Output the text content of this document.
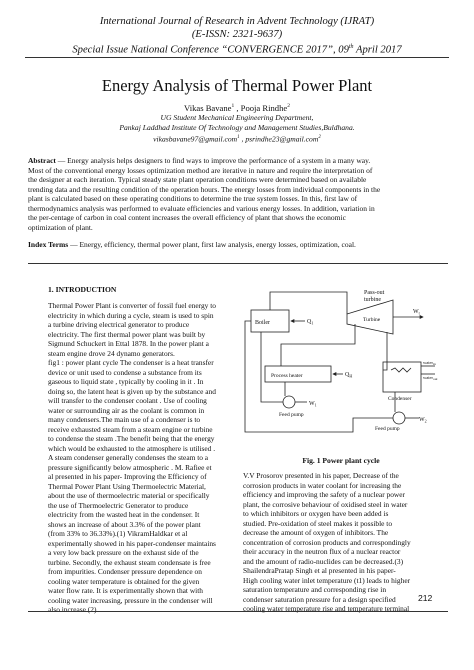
International Journal of Research in Advent Technology (IJRAT)
(E-ISSN: 2321-9637)
Special Issue National Conference “CONVERGENCE 2017”, 09th April 2017
Energy Analysis of Thermal Power Plant
Vikas Bavane$^1$ , Pooja Rindhe$^2$
UG Student Mechanical Engineering Department,
Pankaj Laddhad Institute Of Technology and Management Studies,Buldhana.
vikasbavane97@gmail.com$^1$ , psrindhe23@gmail.com$^2$
Abstract — Energy analysis helps designers to find ways to improve the performance of a system in a many way.
Most of the conventional energy losses optimization method are iterative in nature and require the interpretation of
the designer at each iteration. Typical steady state plant operation conditions were determined based on available
trending data and the resulting condition of the operation hours. The energy losses from individual components in the
plant is calculated based on these operating conditions to determine the true system losses. In this, first law of
thermodynamics analysis was performed to evaluate efficiencies and various energy losses. In addition, variation in
the per-centage of carbon in coal content increases the overall efficiency of plant that shows the economic
optimization of plant.
Index Terms — Energy, efficiency, thermal power plant, first law analysis, energy losses, optimization, coal.
1. INTRODUCTION
Thermal Power Plant is converter of fossil fuel energy to
electricity in which during a cycle, steam is used to spin
a turbine driving electrical generator to produce
electricity. The first thermal power plant was built by
Sigmund Schuckert in Ettal 1878. In the power plant a
steam engine drove 24 dynamo generators.
fig1 : power plant cycle The condenser is a heat transfer
device or unit used to condense a substance from its
gaseous to liquid state , typically by cooling in it . In
doing so, the latent heat is given up by the substance and
will transfer to the condenser coolant . Use of cooling
water or surrounding air as the coolant is common in
many condensers.The main use of a condenser is to
receive exhausted steam from a steam engine or turbine
to condense the steam .The benefit being that the energy
which would be exhausted to the atmosphere is utilised .
A steam condenser generally condenses the steam to a
pressure significantly below atmospheric . M. Rafiee et
al presented in his paper- Improving the Efficiency of
Thermal Power Plant Using Thermoelectric Material,
about the use of thermoelectric material or specifically
the use of Thermoelectric Generator to produce
electricity from the wasted heat in the condenser. It
shows an increase of about 3.3% of the power plant
(from 33% to 36.33%).(1) VikramHaldkar et al
experimentally showed in his paper-condenser maintains
a very low back pressure on the exhaust side of the
turbine. Secondly, the exhaust steam condensate is free
from impurities. Condenser pressure dependence on
cooling water temperature is obtained for the given
water flow rate. It is experimentally shown that with
cooling water increasing, pressure in the condenser will
also increase.(2)
Boiler	$Q_1$
Pass-out
turbine
Turbine
$W_t$
Process heater	$Q_H$
water$_{in}$
water$_{out}$
Condenser
Feed pump
$W_1$
Feed pump
$W_2$
Fig. 1 Power plant cycle
V.V Prosorov presented in his paper, Decrease of the
corrosion products in water coolant for increasing the
efficiency and improving the safety of a nuclear power
plant, the corrosive behaviour of oxidised steel in water
to which inhibitors or oxygen have been added is
studied. Pre-oxidation of steel makes it possible to
decrease the amount of oxygen of inhibitors. The
concentration of corrosion products and correspondingly
their accuracy in the neutron flux of a nuclear reactor
and the amount of radio-nuclides can be decreased.(3)
ShailendraPratap Singh et al presented in his paper-
High cooling water inlet temperature (t1) leads to higher
saturation temperature and corresponding rise in
condenser saturation pressure for a design specified
cooling water temperature rise and temperature terminal
212
